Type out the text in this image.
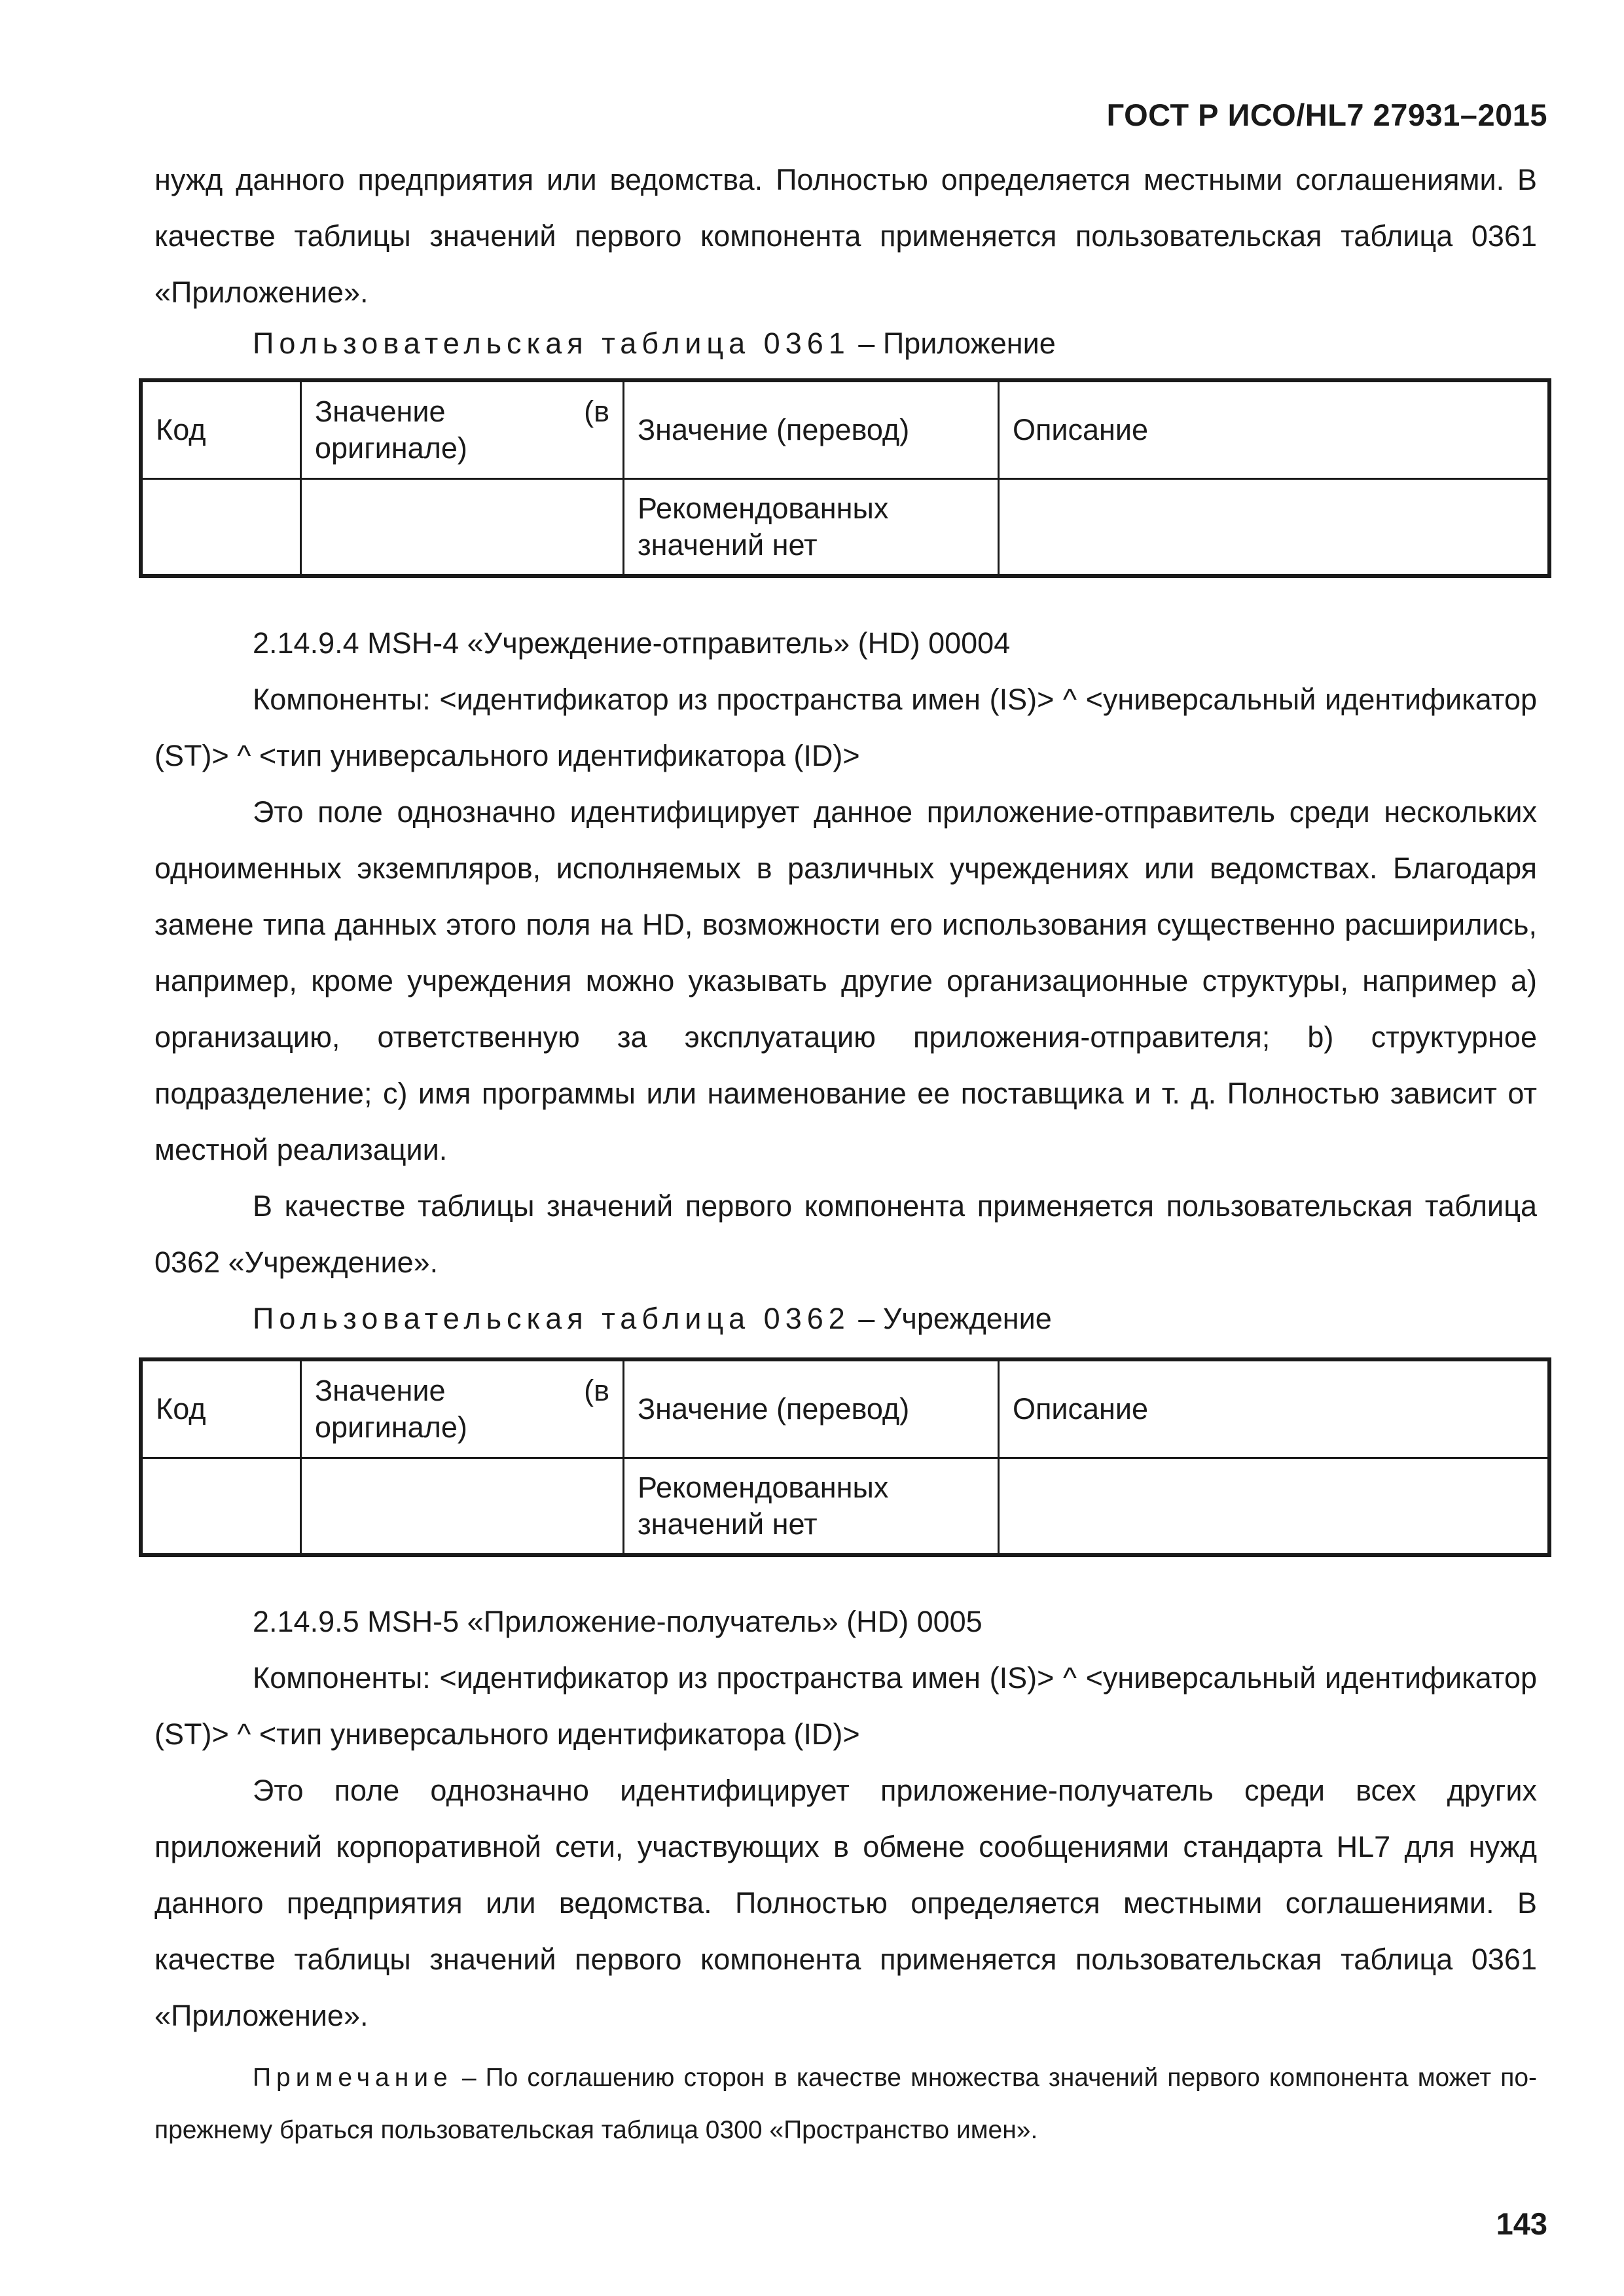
ГОСТ Р ИСО/HL7 27931–2015

нужд данного предприятия или ведомства. Полностью определяется местными соглашениями. В качестве таблицы значений первого компонента применяется пользовательская таблица 0361 «Приложение».

Пользовательская таблица 0361 – Приложение

Код	Значение (в оригинале)	Значение (перевод)	Описание
		Рекомендованных значений нет	

2.14.9.4 MSH-4 «Учреждение-отправитель» (HD) 00004

Компоненты: <идентификатор из пространства имен (IS)> ^ <универсальный идентификатор (ST)> ^ <тип универсального идентификатора (ID)>

Это поле однозначно идентифицирует данное приложение-отправитель среди нескольких одноименных экземпляров, исполняемых в различных учреждениях или ведомствах. Благодаря замене типа данных этого поля на HD, возможности его использования существенно расширились, например, кроме учреждения можно указывать другие организационные структуры, например a) организацию, ответственную за эксплуатацию приложения-отправителя; b) структурное подразделение; c) имя программы или наименование ее поставщика и т. д. Полностью зависит от местной реализации.

В качестве таблицы значений первого компонента применяется пользовательская таблица 0362 «Учреждение».

Пользовательская таблица 0362 – Учреждение

Код	Значение (в оригинале)	Значение (перевод)	Описание
		Рекомендованных значений нет	

2.14.9.5 MSH-5 «Приложение-получатель» (HD) 0005

Компоненты: <идентификатор из пространства имен (IS)> ^ <универсальный идентификатор (ST)> ^ <тип универсального идентификатора (ID)>

Это поле однозначно идентифицирует приложение-получатель среди всех других приложений корпоративной сети, участвующих в обмене сообщениями стандарта HL7 для нужд данного предприятия или ведомства. Полностью определяется местными соглашениями. В качестве таблицы значений первого компонента применяется пользовательская таблица 0361 «Приложение».

Примечание – По соглашению сторон в качестве множества значений первого компонента может по-прежнему браться пользовательская таблица 0300 «Пространство имен».
143
